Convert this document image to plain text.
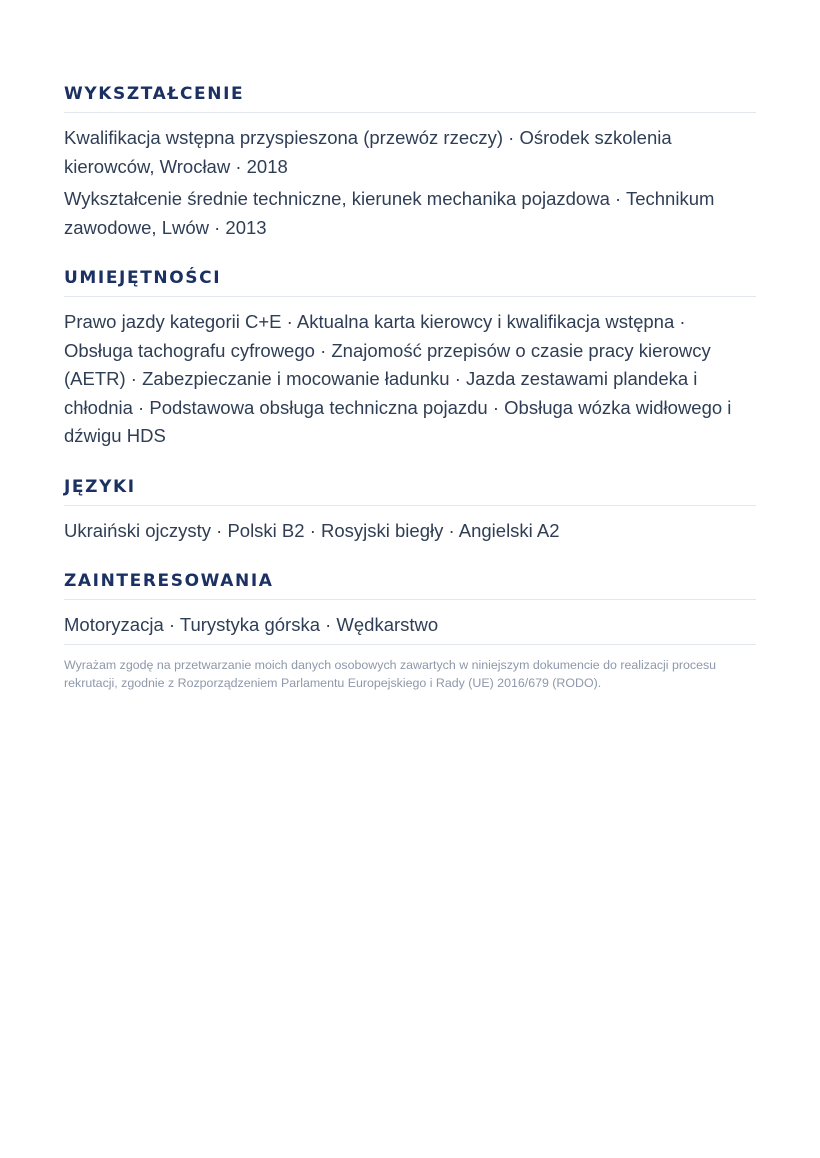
WYKSZTAŁCENIE

Kwalifikacja wstępna przyspieszona (przewóz rzeczy) · Ośrodek szkolenia kierowców, Wrocław · 2018

Wykształcenie średnie techniczne, kierunek mechanika pojazdowa · Technikum zawodowe, Lwów · 2013

UMIEJĘTNOŚCI

Prawo jazdy kategorii C+E · Aktualna karta kierowcy i kwalifikacja wstępna · Obsługa tachografu cyfrowego · Znajomość przepisów o czasie pracy kierowcy (AETR) · Zabezpieczanie i mocowanie ładunku · Jazda zestawami plandeka i chłodnia · Podstawowa obsługa techniczna pojazdu · Obsługa wózka widłowego i dźwigu HDS

JĘZYKI

Ukraiński ojczysty · Polski B2 · Rosyjski biegły · Angielski A2

ZAINTERESOWANIA

Motoryzacja · Turystyka górska · Wędkarstwo

Wyrażam zgodę na przetwarzanie moich danych osobowych zawartych w niniejszym dokumencie do realizacji procesu rekrutacji, zgodnie z Rozporządzeniem Parlamentu Europejskiego i Rady (UE) 2016/679 (RODO).
